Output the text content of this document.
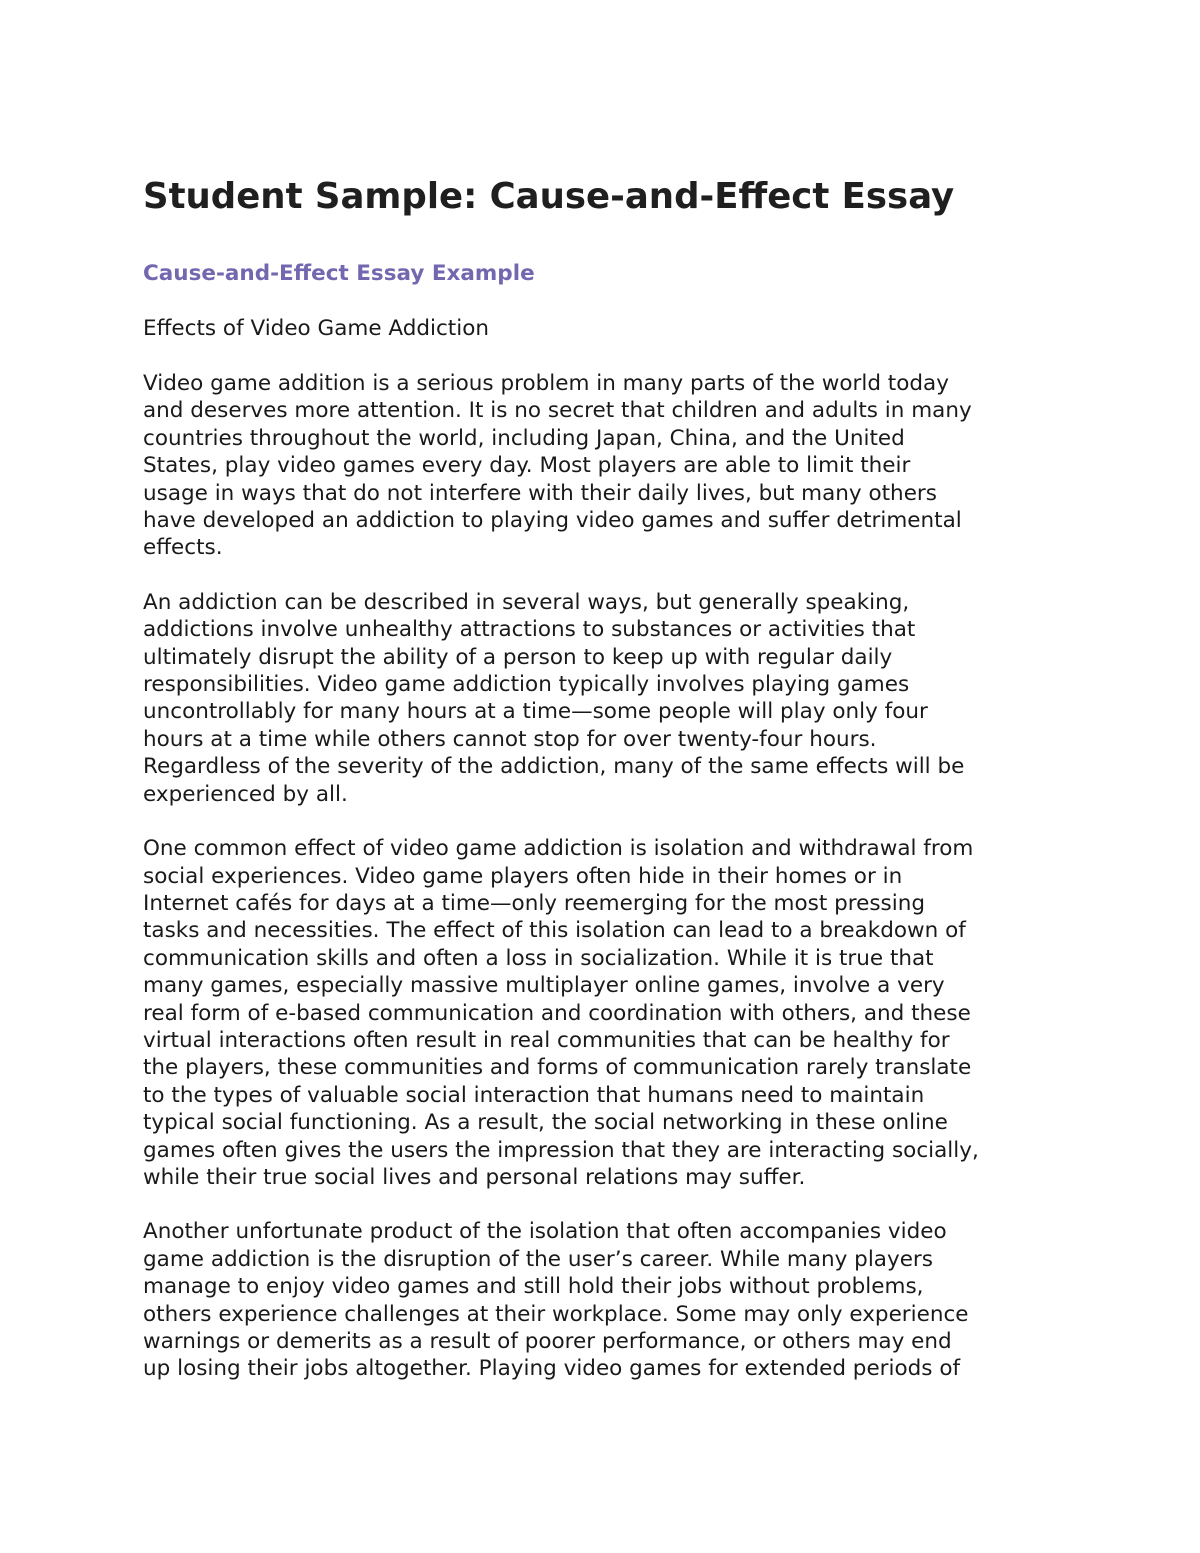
Student Sample: Cause-and-Effect Essay
Cause-and-Effect Essay Example
Effects of Video Game Addiction
Video game addition is a serious problem in many parts of the world today
and deserves more attention. It is no secret that children and adults in many
countries throughout the world, including Japan, China, and the United
States, play video games every day. Most players are able to limit their
usage in ways that do not interfere with their daily lives, but many others
have developed an addiction to playing video games and suffer detrimental
effects.
An addiction can be described in several ways, but generally speaking,
addictions involve unhealthy attractions to substances or activities that
ultimately disrupt the ability of a person to keep up with regular daily
responsibilities. Video game addiction typically involves playing games
uncontrollably for many hours at a time—some people will play only four
hours at a time while others cannot stop for over twenty-four hours.
Regardless of the severity of the addiction, many of the same effects will be
experienced by all.
One common effect of video game addiction is isolation and withdrawal from
social experiences. Video game players often hide in their homes or in
Internet cafés for days at a time—only reemerging for the most pressing
tasks and necessities. The effect of this isolation can lead to a breakdown of
communication skills and often a loss in socialization. While it is true that
many games, especially massive multiplayer online games, involve a very
real form of e-based communication and coordination with others, and these
virtual interactions often result in real communities that can be healthy for
the players, these communities and forms of communication rarely translate
to the types of valuable social interaction that humans need to maintain
typical social functioning. As a result, the social networking in these online
games often gives the users the impression that they are interacting socially,
while their true social lives and personal relations may suffer.
Another unfortunate product of the isolation that often accompanies video
game addiction is the disruption of the user’s career. While many players
manage to enjoy video games and still hold their jobs without problems,
others experience challenges at their workplace. Some may only experience
warnings or demerits as a result of poorer performance, or others may end
up losing their jobs altogether. Playing video games for extended periods of
